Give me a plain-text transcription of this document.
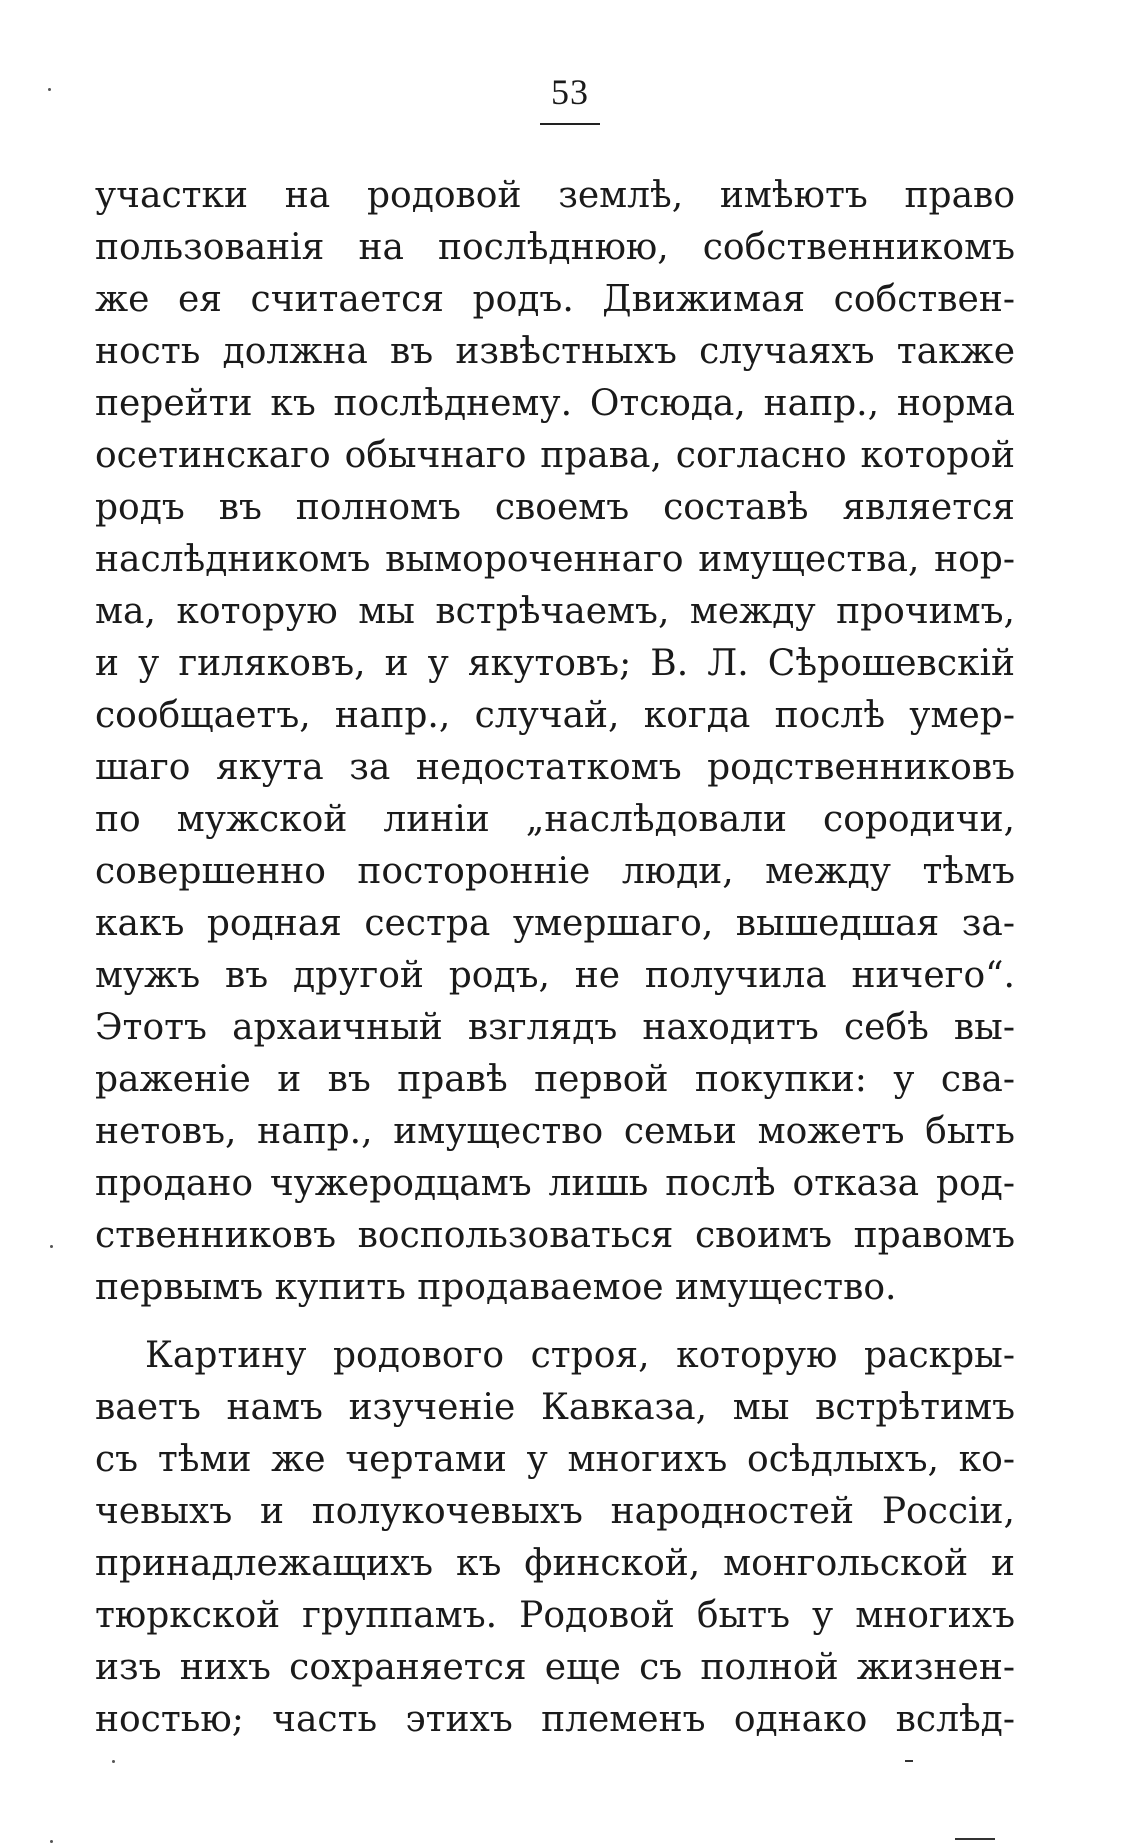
53
участки на родовой землѣ, имѣютъ право
пользованія на послѣднюю, собственникомъ
же ея считается родъ. Движимая собствен-
ность должна въ извѣстныхъ случаяхъ также
перейти къ послѣднему. Отсюда, напр., норма
осетинскаго обычнаго права, согласно которой
родъ въ полномъ своемъ составѣ является
наслѣдникомъ вымороченнаго имущества, нор-
ма, которую мы встрѣчаемъ, между прочимъ,
и у гиляковъ, и у якутовъ; В. Л. Сѣрошевскій
сообщаетъ, напр., случай, когда послѣ умер-
шаго якута за недостаткомъ родственниковъ
по мужской линіи „наслѣдовали сородичи,
совершенно посторонніе люди, между тѣмъ
какъ родная сестра умершаго, вышедшая за-
мужъ въ другой родъ, не получила ничего“.
Этотъ архаичный взглядъ находитъ себѣ вы-
раженіе и въ правѣ первой покупки: у сва-
нетовъ, напр., имущество семьи можетъ быть
продано чужеродцамъ лишь послѣ отказа род-
ственниковъ воспользоваться своимъ правомъ
первымъ купить продаваемое имущество.
Картину родового строя, которую раскры-
ваетъ намъ изученіе Кавказа, мы встрѣтимъ
съ тѣми же чертами у многихъ осѣдлыхъ, ко-
чевыхъ и полукочевыхъ народностей Россіи,
принадлежащихъ къ финской, монгольской и
тюркской группамъ. Родовой бытъ у многихъ
изъ нихъ сохраняется еще съ полной жизнен-
ностью; часть этихъ племенъ однако вслѣд-
